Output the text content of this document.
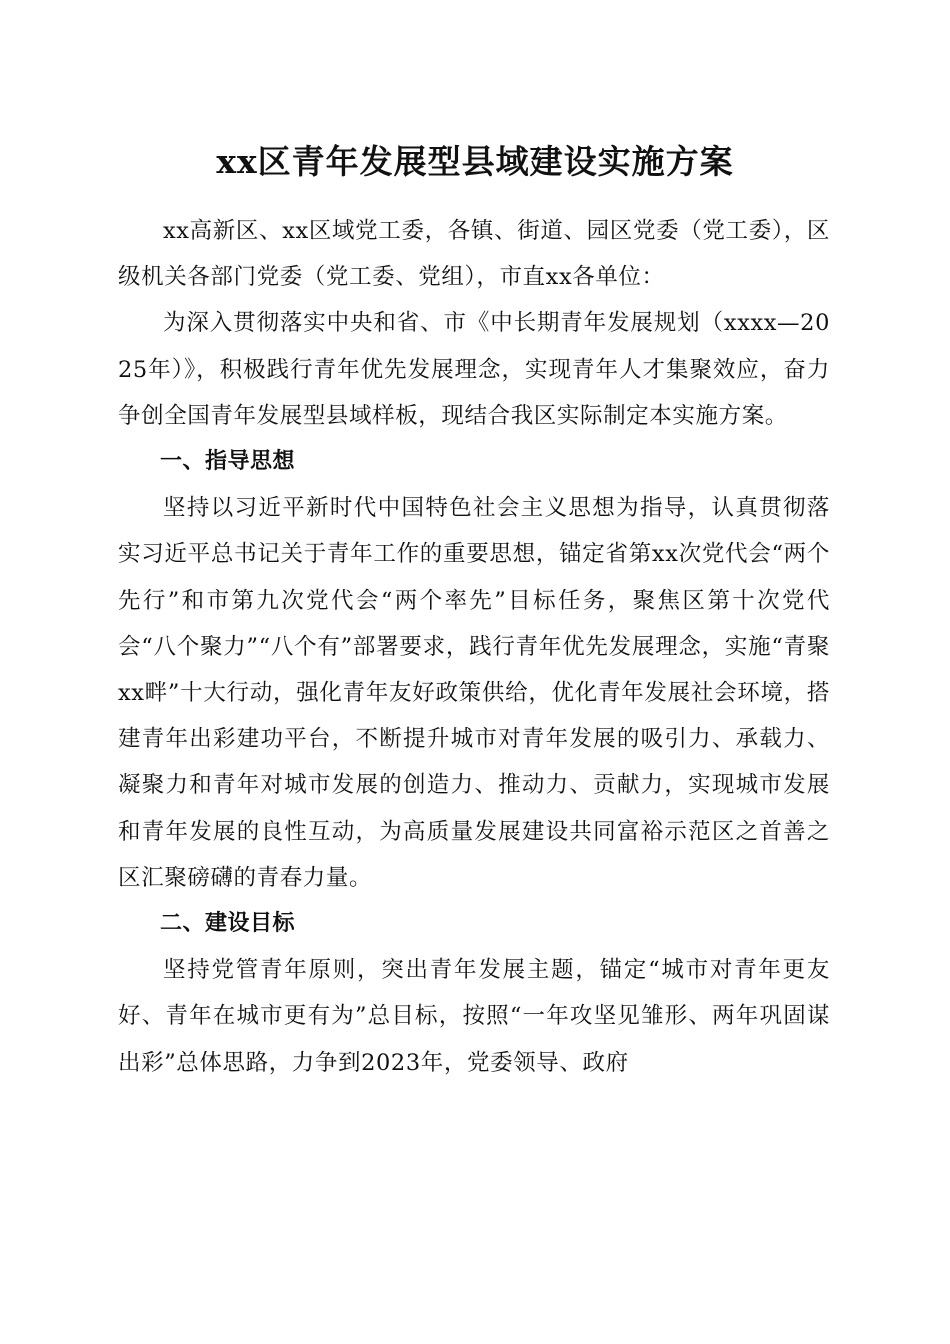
xx区青年发展型县域建设实施方案

xx高新区、xx区域党工委，各镇、街道、园区党委（党工委），区级机关各部门党委（党工委、党组），市直xx各单位：

为深入贯彻落实中央和省、市《中长期青年发展规划（xxxx—2025年）》，积极践行青年优先发展理念，实现青年人才集聚效应，奋力争创全国青年发展型县域样板，现结合我区实际制定本实施方案。

一、指导思想

坚持以习近平新时代中国特色社会主义思想为指导，认真贯彻落实习近平总书记关于青年工作的重要思想，锚定省第xx次党代会“两个先行”和市第九次党代会“两个率先”目标任务，聚焦区第十次党代会“八个聚力”“八个有”部署要求，践行青年优先发展理念，实施“青聚xx畔”十大行动，强化青年友好政策供给，优化青年发展社会环境，搭建青年出彩建功平台，不断提升城市对青年发展的吸引力、承载力、凝聚力和青年对城市发展的创造力、推动力、贡献力，实现城市发展和青年发展的良性互动，为高质量发展建设共同富裕示范区之首善之区汇聚磅礴的青春力量。

二、建设目标

坚持党管青年原则，突出青年发展主题，锚定“城市对青年更友好、青年在城市更有为”总目标，按照“一年攻坚见雏形、两年巩固谋出彩”总体思路，力争到2023年，党委领导、政府
